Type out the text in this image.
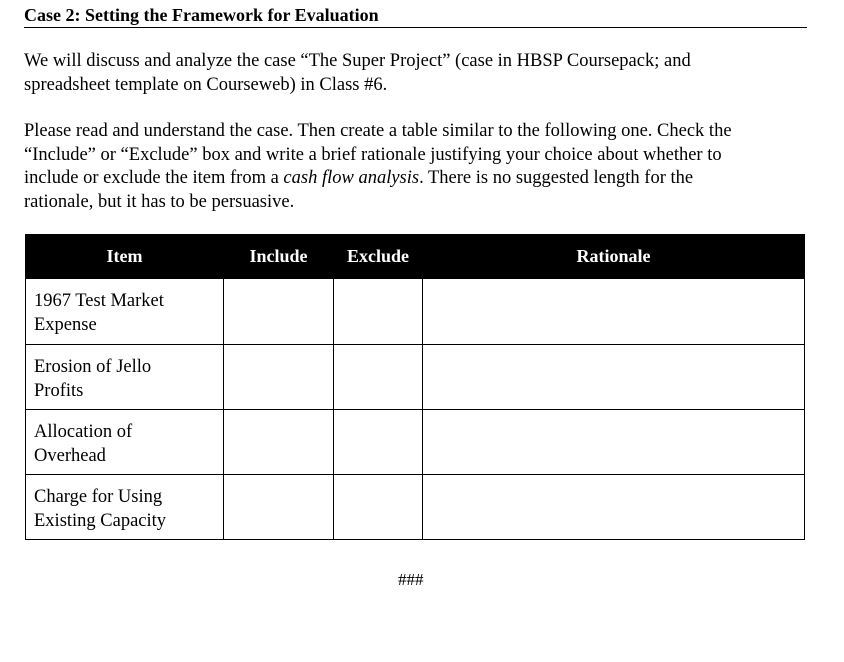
Case 2: Setting the Framework for Evaluation

We will discuss and analyze the case “The Super Project” (case in HBSP Coursepack; and
spreadsheet template on Courseweb) in Class #6.

Please read and understand the case. Then create a table similar to the following one. Check the
“Include” or “Exclude” box and write a brief rationale justifying your choice about whether to
include or exclude the item from a cash flow analysis. There is no suggested length for the
rationale, but it has to be persuasive.

Item	Include	Exclude	Rationale

1967 Test Market
Expense			

Erosion of Jello
Profits			

Allocation of
Overhead			

Charge for Using
Existing Capacity			

###
